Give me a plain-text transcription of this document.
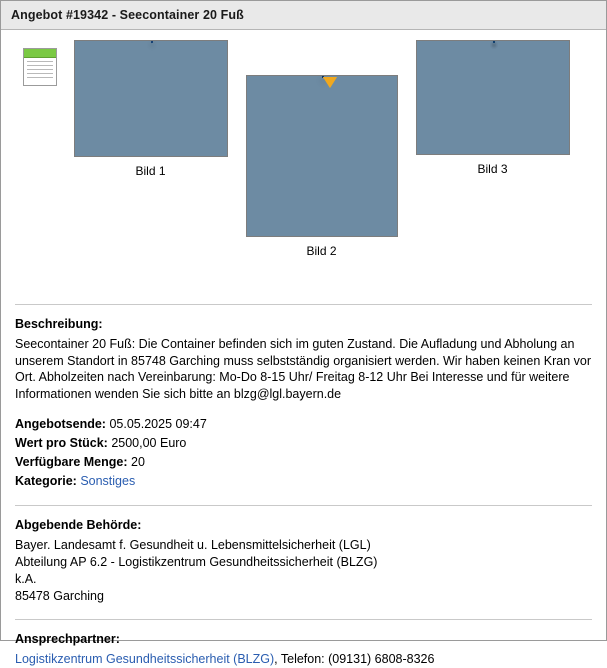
Angebot #19342 - Seecontainer 20 Fuß
Bild 1
Bild 2
Bild 3
Beschreibung:

Seecontainer 20 Fuß: Die Container befinden sich im guten Zustand. Die Aufladung und Abholung an unserem Standort in 85748 Garching muss selbstständig organisiert werden. Wir haben keinen Kran vor Ort. Abholzeiten nach Vereinbarung: Mo-Do 8-15 Uhr/ Freitag 8-12 Uhr Bei Interesse und für weitere Informationen wenden Sie sich bitte an blzg@lgl.bayern.de

Angebotsende: 05.05.2025 09:47
Wert pro Stück: 2500,00 Euro
Verfügbare Menge: 20
Kategorie: Sonstiges
Abgebende Behörde:
Bayer. Landesamt f. Gesundheit u. Lebensmittelsicherheit (LGL)
Abteilung AP 6.2 - Logistikzentrum Gesundheitssicherheit (BLZG)
k.A.
85478 Garching
Ansprechpartner:
Logistikzentrum Gesundheitssicherheit (BLZG), Telefon: (09131) 6808-8326
